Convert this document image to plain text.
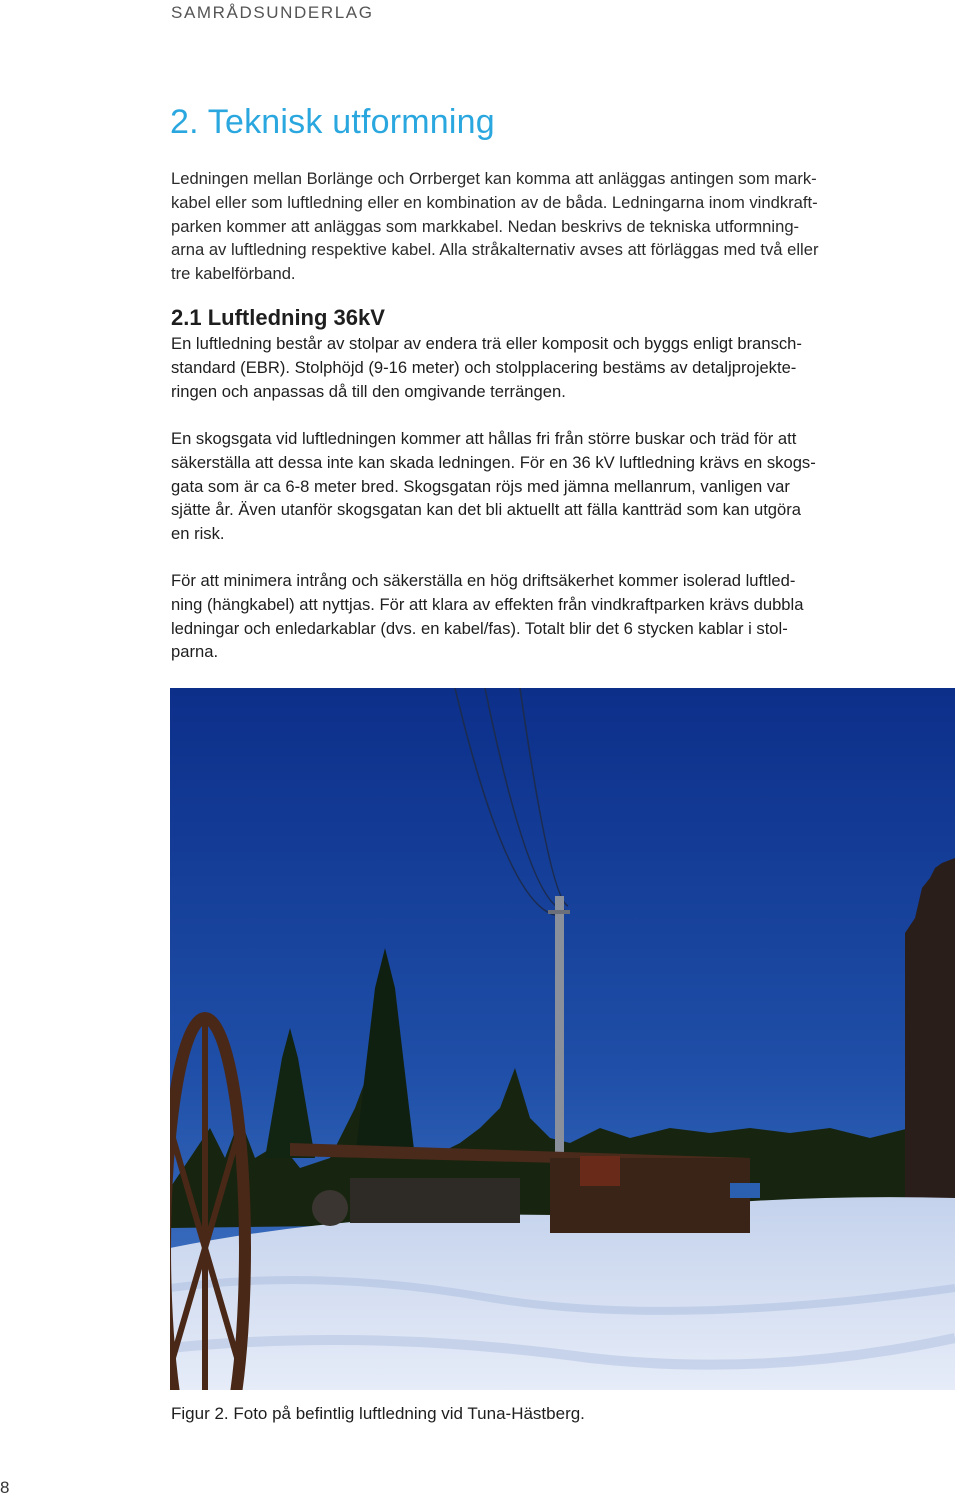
SAMRÅDSUNDERLAG
2. Teknisk utformning

Ledningen mellan Borlänge och Orrberget kan komma att anläggas antingen som mark-
kabel eller som luftledning eller en kombination av de båda. Ledningarna inom vindkraft-
parken kommer att anläggas som markkabel. Nedan beskrivs de tekniska utformning-
arna av luftledning respektive kabel. Alla stråkalternativ avses att förläggas med två eller
tre kabelförband.

2.1 Luftledning 36kV

En luftledning består av stolpar av endera trä eller komposit och byggs enligt bransch-
standard (EBR). Stolphöjd (9-16 meter) och stolpplacering bestäms av detaljprojekte-
ringen och anpassas då till den omgivande terrängen.

En skogsgata vid luftledningen kommer att hållas fri från större buskar och träd för att
säkerställa att dessa inte kan skada ledningen. För en 36 kV luftledning krävs en skogs-
gata som är ca 6-8 meter bred. Skogsgatan röjs med jämna mellanrum, vanligen var
sjätte år. Även utanför skogsgatan kan det bli aktuellt att fälla kantträd som kan utgöra
en risk.

För att minimera intrång och säkerställa en hög driftsäkerhet kommer isolerad luftled-
ning (hängkabel) att nyttjas. För att klara av effekten från vindkraftparken krävs dubbla
ledningar och enledarkablar (dvs. en kabel/fas). Totalt blir det 6 stycken kablar i stol-
parna.

Figur 2. Foto på befintlig luftledning vid Tuna-Hästberg.

8
